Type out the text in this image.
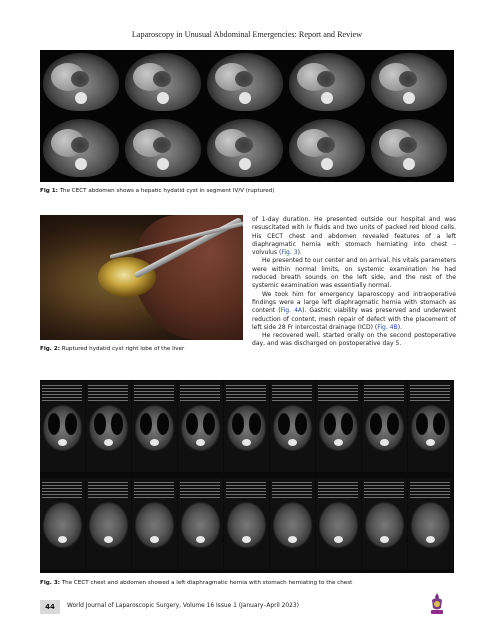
Laparoscopy in Unusual Abdominal Emergencies: Report and Review
Fig 1: The CECT abdomen shows a hepatic hydatid cyst in segment IV/V (ruptured)
Fig. 2: Ruptured hydatid cyst right lobe of the liver

of 1-day duration. He presented outside our hospital and was resuscitated with iv fluids and two units of packed red blood cells. His CECT chest and abdomen revealed features of a left diaphragmatic hernia with stomach herniating into chest – volvulus (Fig. 3).

He presented to our center and on arrival, his vitals parameters were within normal limits, on systemic examination he had reduced breath sounds on the left side, and the rest of the systemic examination was essentially normal.

We took him for emergency laparoscopy and intraoperative findings were a large left diaphragmatic hernia with stomach as content (Fig. 4A). Gastric viability was preserved and underwent reduction of content, mesh repair of defect with the placement of left side 28 Fr intercostal drainage (ICD) (Fig. 4B).

He recovered well, started orally on the second postoperative day, and was discharged on postoperative day 5.

Fig. 3: The CECT chest and abdomen showed a left diaphragmatic hernia with stomach herniating to the chest
44	World Journal of Laparoscopic Surgery, Volume 16 Issue 1 (January–April 2023)
